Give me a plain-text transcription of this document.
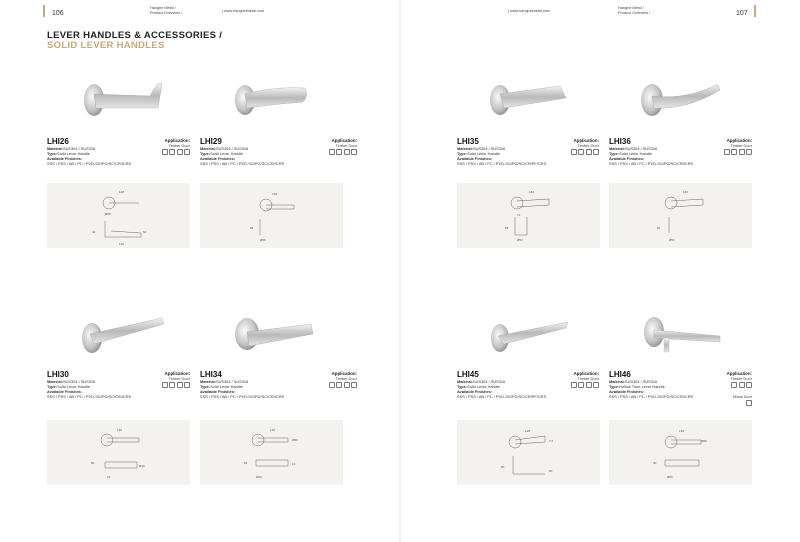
106
Hanghe Metal /
Product Overview /	| www.hangheimetal.com
LEVER HANDLES & ACCESSORIES /
SOLID LEVER HANDLES
| www.hangheimetal.com
Hanghe Metal /
Product Overview /	107
LHI26
Material:SUS304 / SUS316
Type:Solid Lever Handle
Available Finishes:
SSS / PSS / AB / PC / PVD-SG/PG/SC/CR/ICRS
Application:
Timber Door
128
Ø66
42	64
120
LHI29
Material:SUS304 / SUS316
Type:Solid Lever Handle
Available Finishes:
SSS / PSS / AB / PC / PVD-SG/PG/SC/CR/ICRS
Application:
Timber Door
130
56
Ø66
LHI35
Material:SUS304 / SUS316
Type:Solid Lever Handle
Available Finishes:
SSS / PSS / AB / PC / PVD-SG/PG/SC/CR/PF/CRS
Application:
Timber Door
140
72
58
Ø53
LHI36
Material:SUS304 / SUS316
Type:Solid Lever Handle
Available Finishes:
SSS / PSS / AB / PC / PVD-SG/PG/SC/CR/ICRS
Application:
Timber Door
140
56
Ø53
LHI30
Material:SUS304 / SUS316
Type:Solid Lever Handle
Available Finishes:
SSS / PSS / AB / PC / PVD-SG/PG/SC/CR/ICRS
Application:
Timber Door
130
60
Ø19
19
LHI34
Material:SUS304 / SUS316
Type:Solid Lever Handle
Available Finishes:
SSS / PSS / AB / PC / PVD-SG/PG/SC/CR/ICRS
Application:
Timber Door
120
Ø53
64	13
Ø53
LHI45
Material:SUS304 / SUS316
Type:Solid Lever Handle
Available Finishes:
SSS / PSS / AB / PC / PVD-SG/PG/SC/CR/PF/CRS
Application:
Timber Door
128
7.6
60
20
LHI46
Material:SUS304 / SUS316
Type:Hollow Tube Lever Handle
Available Finishes:
SSS / PSS / AB / PC / PVD-SG/PG/SC/CR/ICRS
Application:
Timber Door
Metal Door
130
Ø80
40
Ø65
